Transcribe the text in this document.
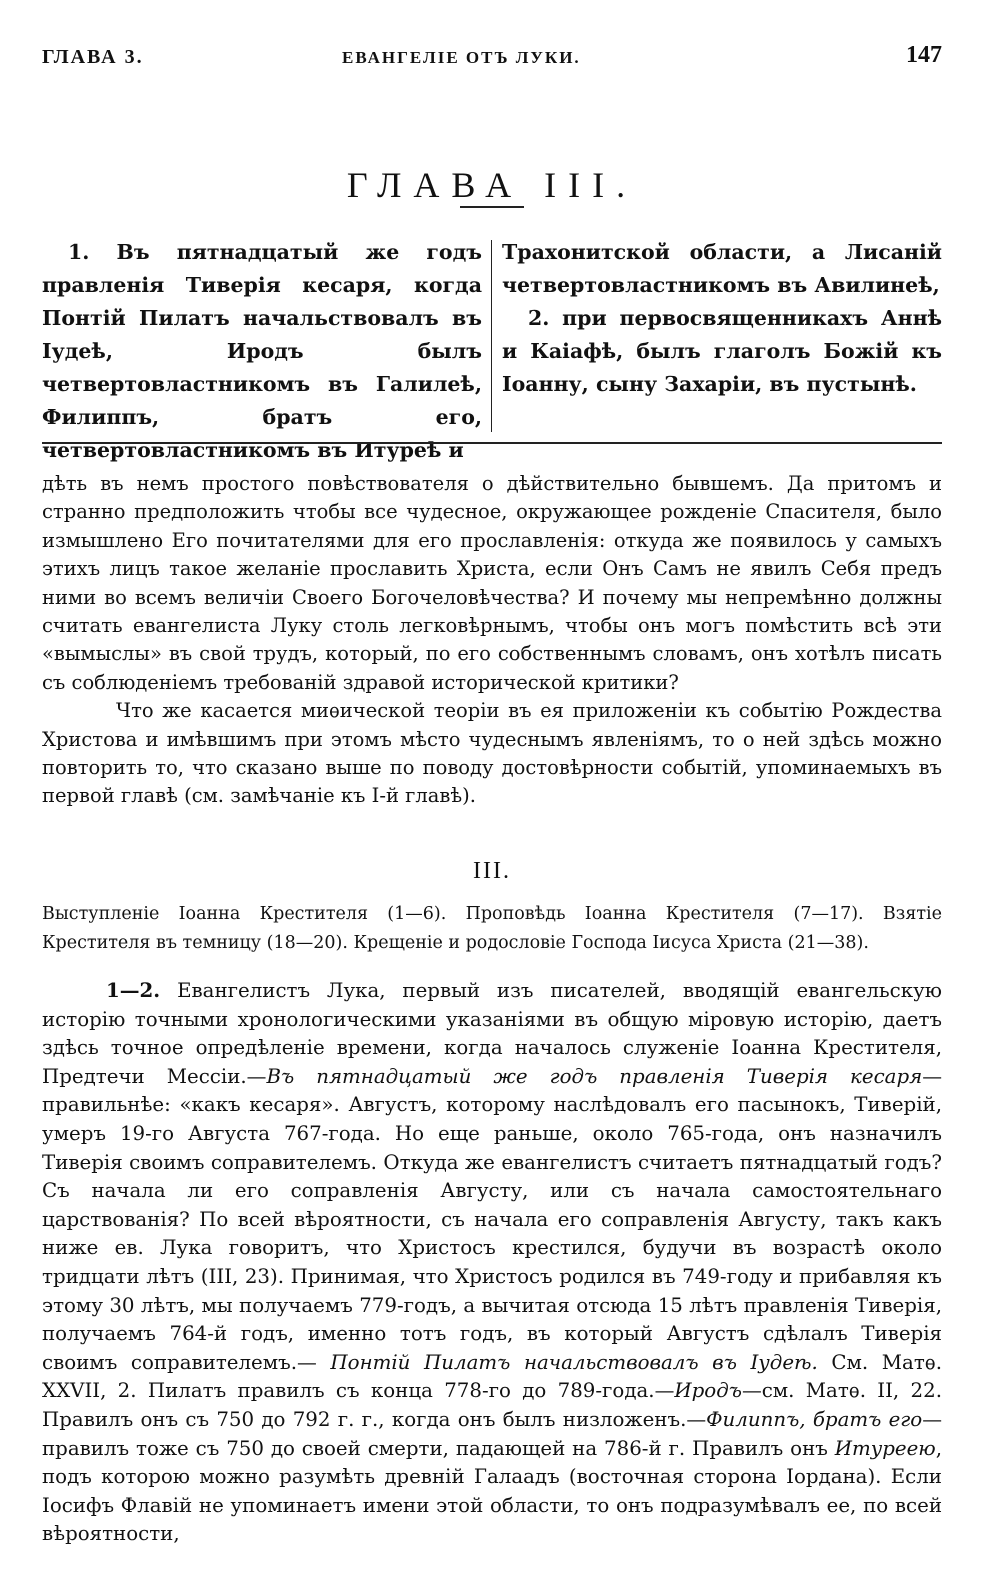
ГЛАВА 3.	ЕВАНГЕЛІЕ ОТЪ ЛУКИ.	147
ГЛАВА III.

1. Въ пятнадцатый же годъ правленія Тиверія кесаря, когда Понтій Пилатъ начальствовалъ въ Іудеѣ, Иродъ былъ четвертовластникомъ въ Галилеѣ, Филиппъ, братъ его, четвертовластникомъ въ Итуреѣ и

Трахонитской области, а Лисаній четвертовластникомъ въ Авилинеѣ,

2. при первосвященникахъ Аннѣ и Каіафѣ, былъ глаголъ Божій къ Іоанну, сыну Захаріи, въ пустынѣ.

дѣть въ немъ простого повѣствователя о дѣйствительно бывшемъ. Да притомъ и странно предположить чтобы все чудесное, окружающее рожденіе Спасителя, было измышлено Его почитателями для его прославленія: откуда же появилось у самыхъ этихъ лицъ такое желаніе прославить Христа, если Онъ Самъ не явилъ Себя предъ ними во всемъ величіи Своего Богочеловѣчества? И почему мы непремѣнно должны считать евангелиста Луку столь легковѣрнымъ, чтобы онъ могъ помѣстить всѣ эти «вымыслы» въ свой трудъ, который, по его собственнымъ словамъ, онъ хотѣлъ писать съ соблюденіемъ требованій здравой исторической критики?

Что же касается миѳической теоріи въ ея приложеніи къ событію Рождества Христова и имѣвшимъ при этомъ мѣсто чудеснымъ явленіямъ, то о ней здѣсь можно повторить то, что сказано выше по поводу достовѣрности событій, упоминаемыхъ въ первой главѣ (см. замѣчаніе къ I-й главѣ).

III.

Выступленіе Іоанна Крестителя (1—6). Проповѣдь Іоанна Крестителя (7—17). Взятіе Крестителя въ темницу (18—20). Крещеніе и родословіе Господа Іисуса Христа (21—38).

1—2. Евангелистъ Лука, первый изъ писателей, вводящій евангельскую исторію точными хронологическими указаніями въ общую міровую исторію, даетъ здѣсь точное опредѣленіе времени, когда началось служеніе Іоанна Крестителя, Предтечи Мессіи.—Въ пятнадцатый же годъ правленія Тиверія кесаря—правильнѣе: «какъ кесаря». Августъ, которому наслѣдовалъ его пасынокъ, Тиверій, умеръ 19-го Августа 767-года. Но еще раньше, около 765-года, онъ назначилъ Тиверія своимъ соправителемъ. Откуда же евангелистъ считаетъ пятнадцатый годъ? Съ начала ли его соправленія Августу, или съ начала самостоятельнаго царствованія? По всей вѣроятности, съ начала его соправленія Августу, такъ какъ ниже ев. Лука говоритъ, что Христосъ крестился, будучи въ возрастѣ около тридцати лѣтъ (III, 23). Принимая, что Христосъ родился въ 749-году и прибавляя къ этому 30 лѣтъ, мы получаемъ 779-годъ, а вычитая отсюда 15 лѣтъ правленія Тиверія, получаемъ 764-й годъ, именно тотъ годъ, въ который Августъ сдѣлалъ Тиверія своимъ соправителемъ.— Понтій Пилатъ начальствовалъ въ Іудеѣ. См. Матѳ. XXVII, 2. Пилатъ правилъ съ конца 778-го до 789-года.—Иродъ—см. Матѳ. II, 22. Правилъ онъ съ 750 до 792 г. г., когда онъ былъ низложенъ.—Филиппъ, братъ его—правилъ тоже съ 750 до своей смерти, падающей на 786-й г. Правилъ онъ Итуреею, подъ которою можно разумѣть древній Галаадъ (восточная сторона Іордана). Если Іосифъ Флавій не упоминаетъ имени этой области, то онъ подразумѣвалъ ее, по всей вѣроятности,
